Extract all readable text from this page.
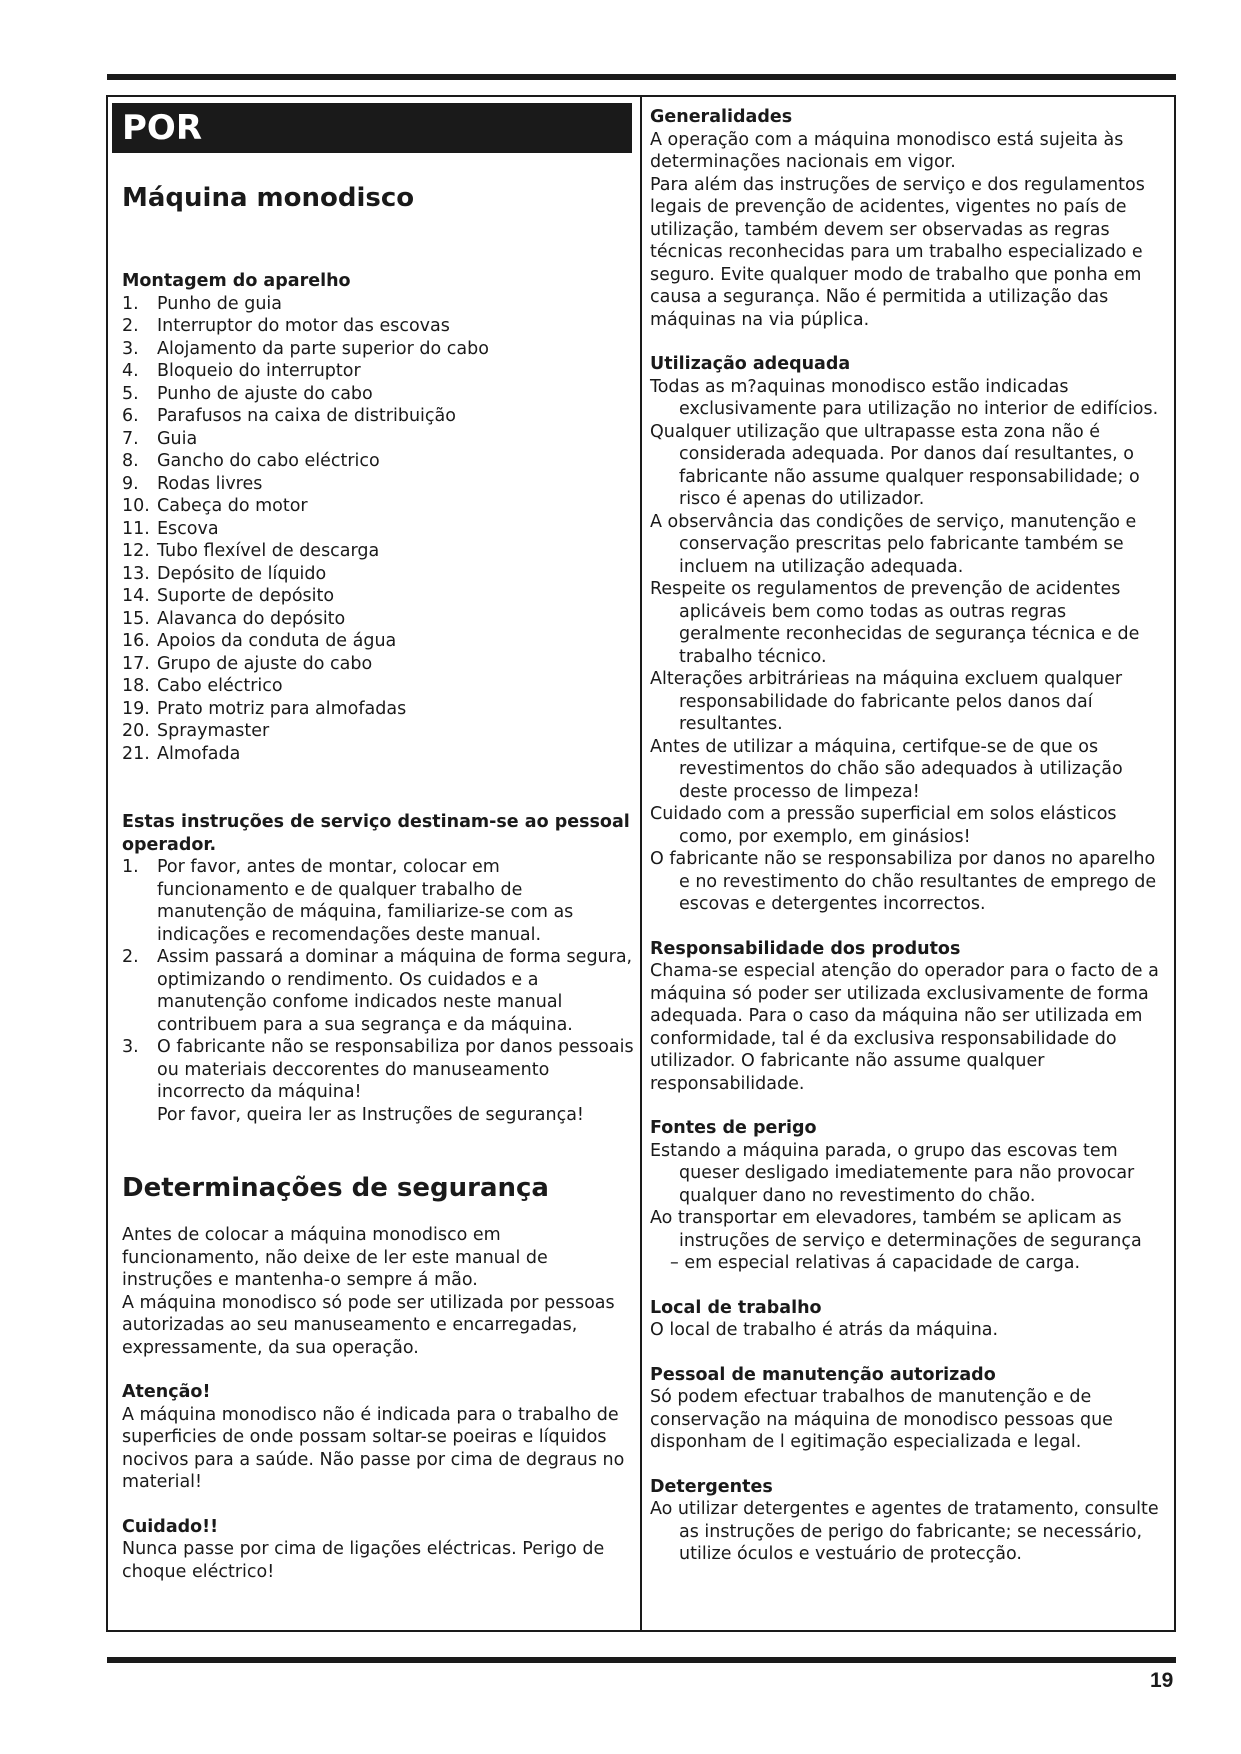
POR
Máquina monodisco

Montagem do aparelho

1.	Punho de guia
2.	Interruptor do motor das escovas
3.	Alojamento da parte superior do cabo
4.	Bloqueio do interruptor
5.	Punho de ajuste do cabo
6.	Parafusos na caixa de distribuição
7.	Guia
8.	Gancho do cabo eléctrico
9.	Rodas livres
10. Cabeça do motor
11. Escova
12. Tubo flexível de descarga
13. Depósito de líquido
14. Suporte de depósito
15. Alavanca do depósito
16. Apoios da conduta de água
17. Grupo de ajuste do cabo
18. Cabo eléctrico
19. Prato motriz para almofadas
20. Spraymaster
21. Almofada

Estas instruções de serviço destinam-se ao pessoal operador.

1.	Por favor, antes de montar, colocar em funcionamento e de qualquer trabalho de manutenção de máquina, familiarize-se com as indicações e recomendações deste manual.
2.	Assim passará a dominar a máquina de forma segura, optimizando o rendimento. Os cuidados e a manutenção confome indicados neste manual contribuem para a sua segrança e da máquina.
3.	O fabricante não se responsabiliza por danos pessoais ou materiais deccorentes do manuseamento incorrecto da máquina!
Por favor, queira ler as Instruções de segurança!
Determinações de segurança

Antes de colocar a máquina monodisco em funcionamento, não deixe de ler este manual de instruções e mantenha-o sempre á mão.

A máquina monodisco só pode ser utilizada por pessoas autorizadas ao seu manuseamento e encarregadas, expressamente, da sua operação.

Atenção!

A máquina monodisco não é indicada para o trabalho de superficies de onde possam soltar-se poeiras e líquidos nocivos para a saúde. Não passe por cima de degraus no material!

Cuidado!!

Nunca passe por cima de ligações eléctricas. Perigo de choque eléctrico!

Generalidades

A operação com a máquina monodisco está sujeita às determinações nacionais em vigor.

Para além das instruções de serviço e dos regulamentos legais de prevenção de acidentes, vigentes no país de utilização, também devem ser observadas as regras técnicas reconhecidas para um trabalho especializado e seguro. Evite qualquer modo de trabalho que ponha em causa a segurança. Não é permitida a utilização das máquinas na via púplica.

Utilização adequada

Todas as m?aquinas monodisco estão indicadas exclusivamente para utilização no interior de edifícios.

Qualquer utilização que ultrapasse esta zona não é considerada adequada. Por danos daí resultantes, o fabricante não assume qualquer responsabilidade; o risco é apenas do utilizador.

A observância das condições de serviço, manutenção e conservação prescritas pelo fabricante também se incluem na utilização adequada.

Respeite os regulamentos de prevenção de acidentes aplicáveis bem como todas as outras regras geralmente reconhecidas de segurança técnica e de trabalho técnico.

Alterações arbitrárieas na máquina excluem qualquer responsabilidade do fabricante pelos danos daí resultantes.

Antes de utilizar a máquina, certifque-se de que os revestimentos do chão são adequados à utilização deste processo de limpeza!

Cuidado com a pressão superficial em solos elásticos como, por exemplo, em ginásios!

O fabricante não se responsabiliza por danos no aparelho e no revestimento do chão resultantes de emprego de escovas e detergentes incorrectos.

Responsabilidade dos produtos

Chama-se especial atenção do operador para o facto de a máquina só poder ser utilizada exclusivamente de forma adequada. Para o caso da máquina não ser utilizada em conformidade, tal é da exclusiva responsabilidade do utilizador. O fabricante não assume qualquer responsabilidade.

Fontes de perigo

Estando a máquina parada, o grupo das escovas tem queser desligado imediatemente para não provocar qualquer dano no revestimento do chão.

Ao transportar em elevadores, também se aplicam as instruções de serviço e determinações de segurança

– em especial relativas á capacidade de carga.

Local de trabalho

O local de trabalho é atrás da máquina.

Pessoal de manutenção autorizado

Só podem efectuar trabalhos de manutenção e de conservação na máquina de monodisco pessoas que disponham de l egitimação especializada e legal.

Detergentes

Ao utilizar detergentes e agentes de tratamento, consulte as instruções de perigo do fabricante; se necessário, utilize óculos e vestuário de protecção.

19
